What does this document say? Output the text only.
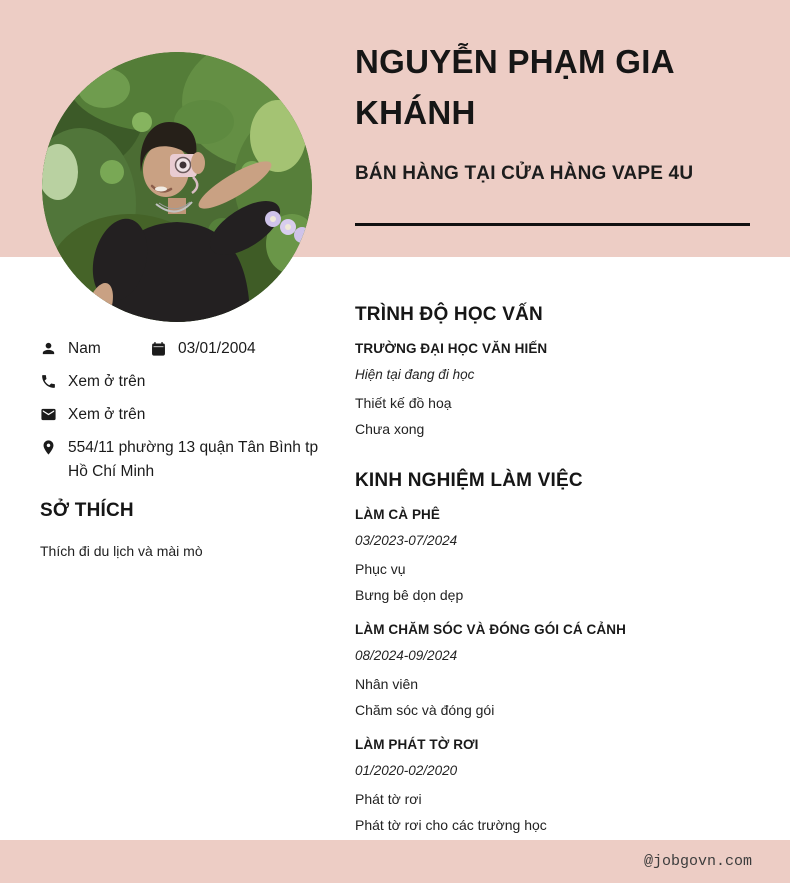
@jobgovn.com
NGUYỄN PHẠM GIA KHÁNH
BÁN HÀNG TẠI CỬA HÀNG VAPE 4U
Nam	03/01/2004
Xem ở trên
Xem ở trên
554/11 phường 13 quận Tân Bình tp Hồ Chí Minh
SỞ THÍCH

Thích đi du lịch và mài mò

TRÌNH ĐỘ HỌC VẤN
TRƯỜNG ĐẠI HỌC VĂN HIẾN
Hiện tại đang đi học
Thiết kế đồ hoạ
Chưa xong
KINH NGHIỆM LÀM VIỆC
LÀM CÀ PHÊ
03/2023-07/2024
Phục vụ
Bưng bê dọn dẹp
LÀM CHĂM SÓC VÀ ĐÓNG GÓI CÁ CẢNH
08/2024-09/2024
Nhân viên
Chăm sóc và đóng gói
LÀM PHÁT TỜ RƠI
01/2020-02/2020
Phát tờ rơi
Phát tờ rơi cho các trường học
